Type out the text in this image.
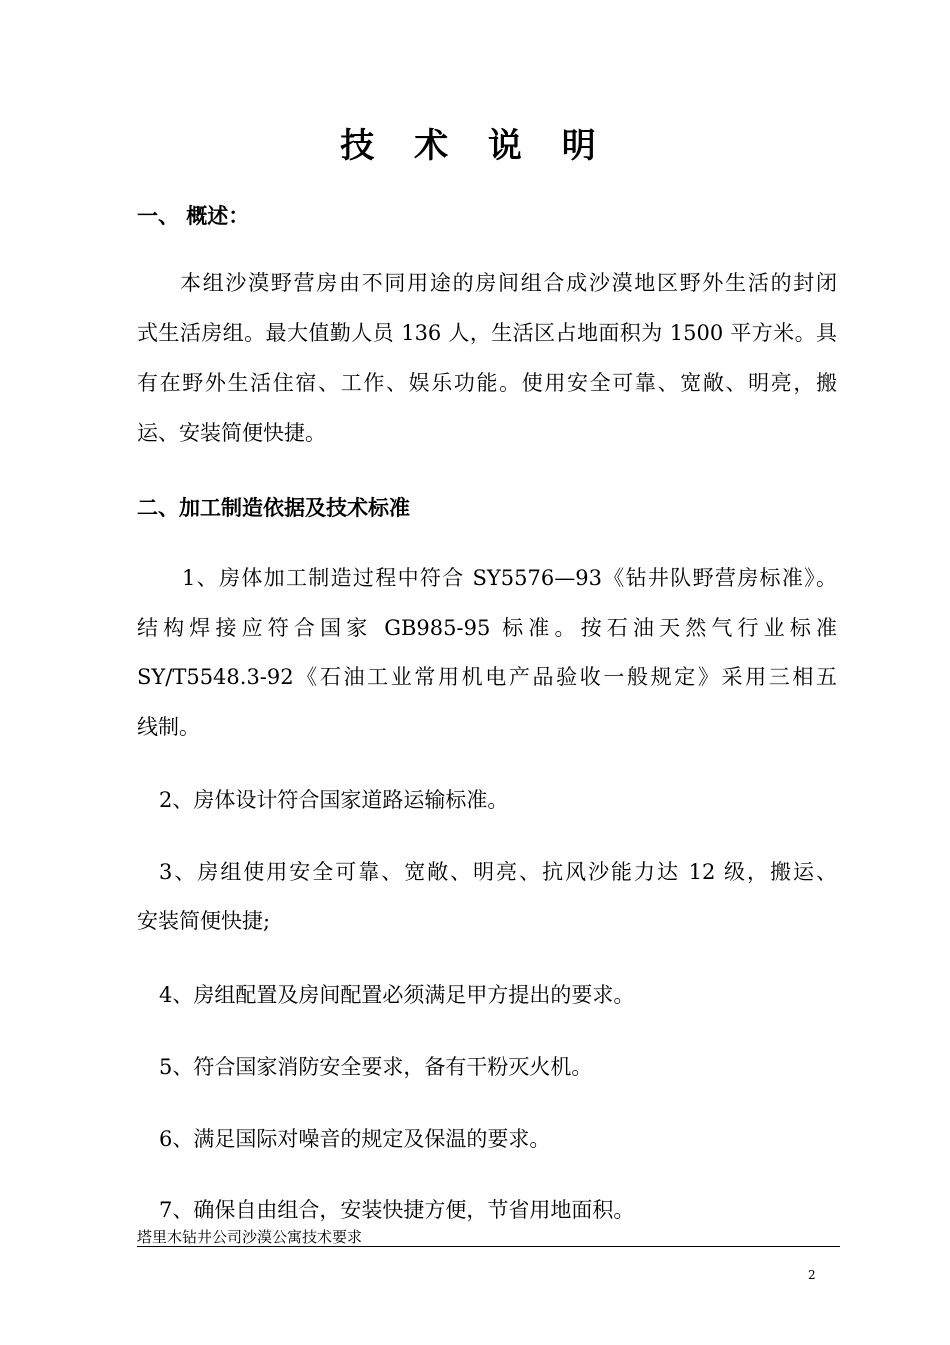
技 术 说 明
一、 概述：
本组沙漠野营房由不同用途的房间组合成沙漠地区野外生活的封闭
式生活房组。最大值勤人员 136 人，生活区占地面积为 1500 平方米。具
有在野外生活住宿、工作、娱乐功能。使用安全可靠、宽敞、明亮，搬
运、安装简便快捷。
二、加工制造依据及技术标准
1、房体加工制造过程中符合 SY5576—93《钻井队野营房标准》。
结构焊接应符合国家 GB985-95 标准。按石油天然气行业标准
SY/T5548.3-92《石油工业常用机电产品验收一般规定》采用三相五
线制。
2、房体设计符合国家道路运输标准。
3、房组使用安全可靠、宽敞、明亮、抗风沙能力达 12 级，搬运、
安装简便快捷;
4、房组配置及房间配置必须满足甲方提出的要求。
5、符合国家消防安全要求，备有干粉灭火机。
6、满足国际对噪音的规定及保温的要求。
7、确保自由组合，安装快捷方便，节省用地面积。
塔里木钻井公司沙漠公寓技术要求
2
